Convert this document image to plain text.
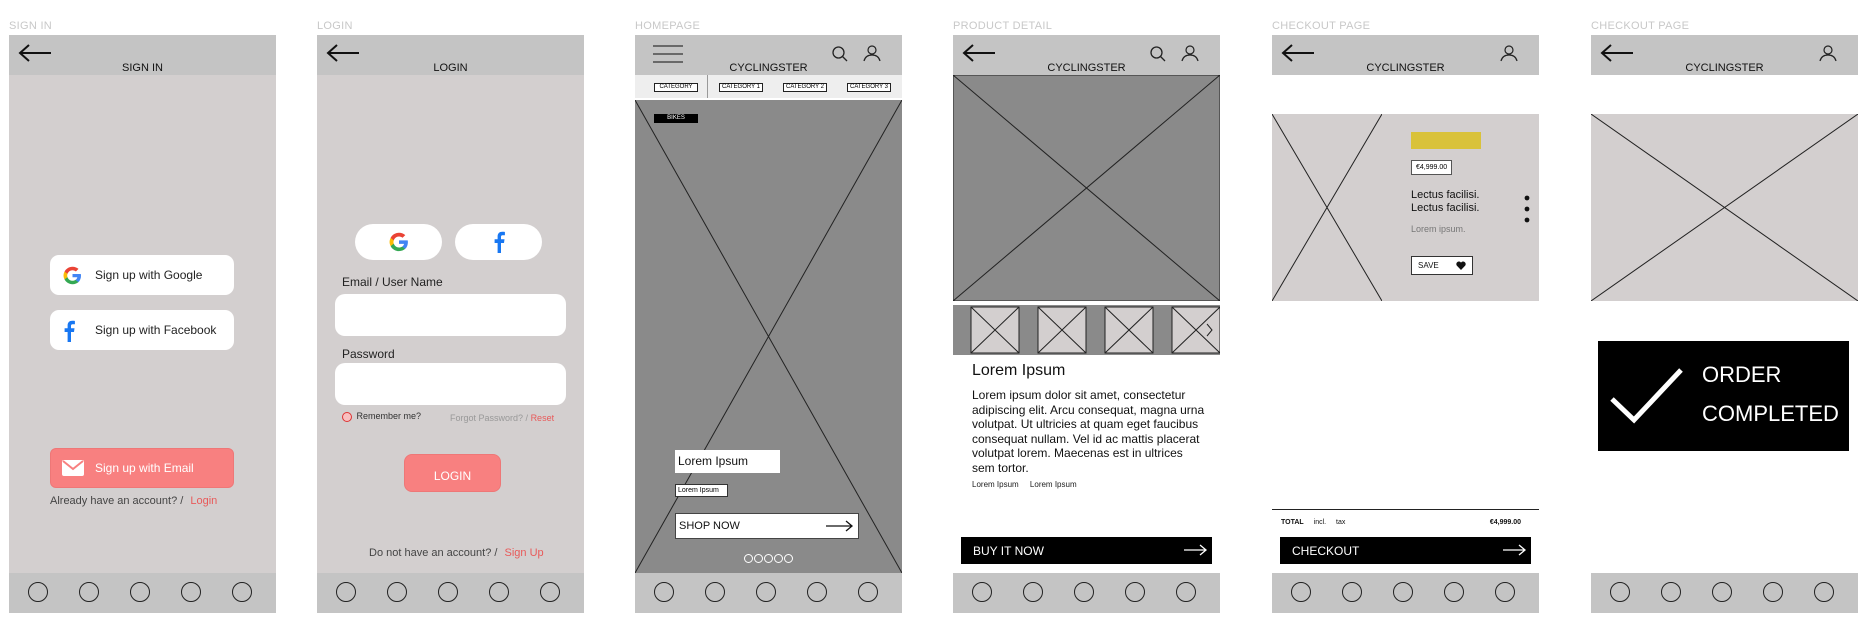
SIGN IN	LOGIN	HOMEPAGE	PRODUCT DETAIL	CHECKOUT PAGE	CHECKOUT PAGE
SIGN IN
Sign up with Google
Sign up with Facebook
Sign up with Email
Already have an account? / Login
LOGIN
Email / User Name
Password
Remember me?	Forgot Password? / Reset
$_{LOGIN}$
Do not have an account? / Sign Up
CYCLINGSTER
CATEGORY	CATEGORY 1	CATEGORY 2	CATEGORY 3
BIKES
Lorem Ipsum
Lorem Ipsum
SHOP NOW
CYCLINGSTER
Lorem Ipsum
Lorem ipsum dolor sit amet, consectetur adipiscing elit. Arcu consequat, magna urna volutpat. Ut ultricies at quam eget faucibus consequat nullam. Vel id ac mattis placerat volutpat lorem. Maecenas est in ultrices sem tortor.
Lorem Ipsum Lorem Ipsum
BUY IT NOW
CYCLINGSTER
€4,999.00
Lectus facilisi.
Lectus facilisi.
Lorem ipsum.
SAVE
TOTAL incl. tax	€4,999.00
CHECKOUT
CYCLINGSTER
ORDER
COMPLETED
